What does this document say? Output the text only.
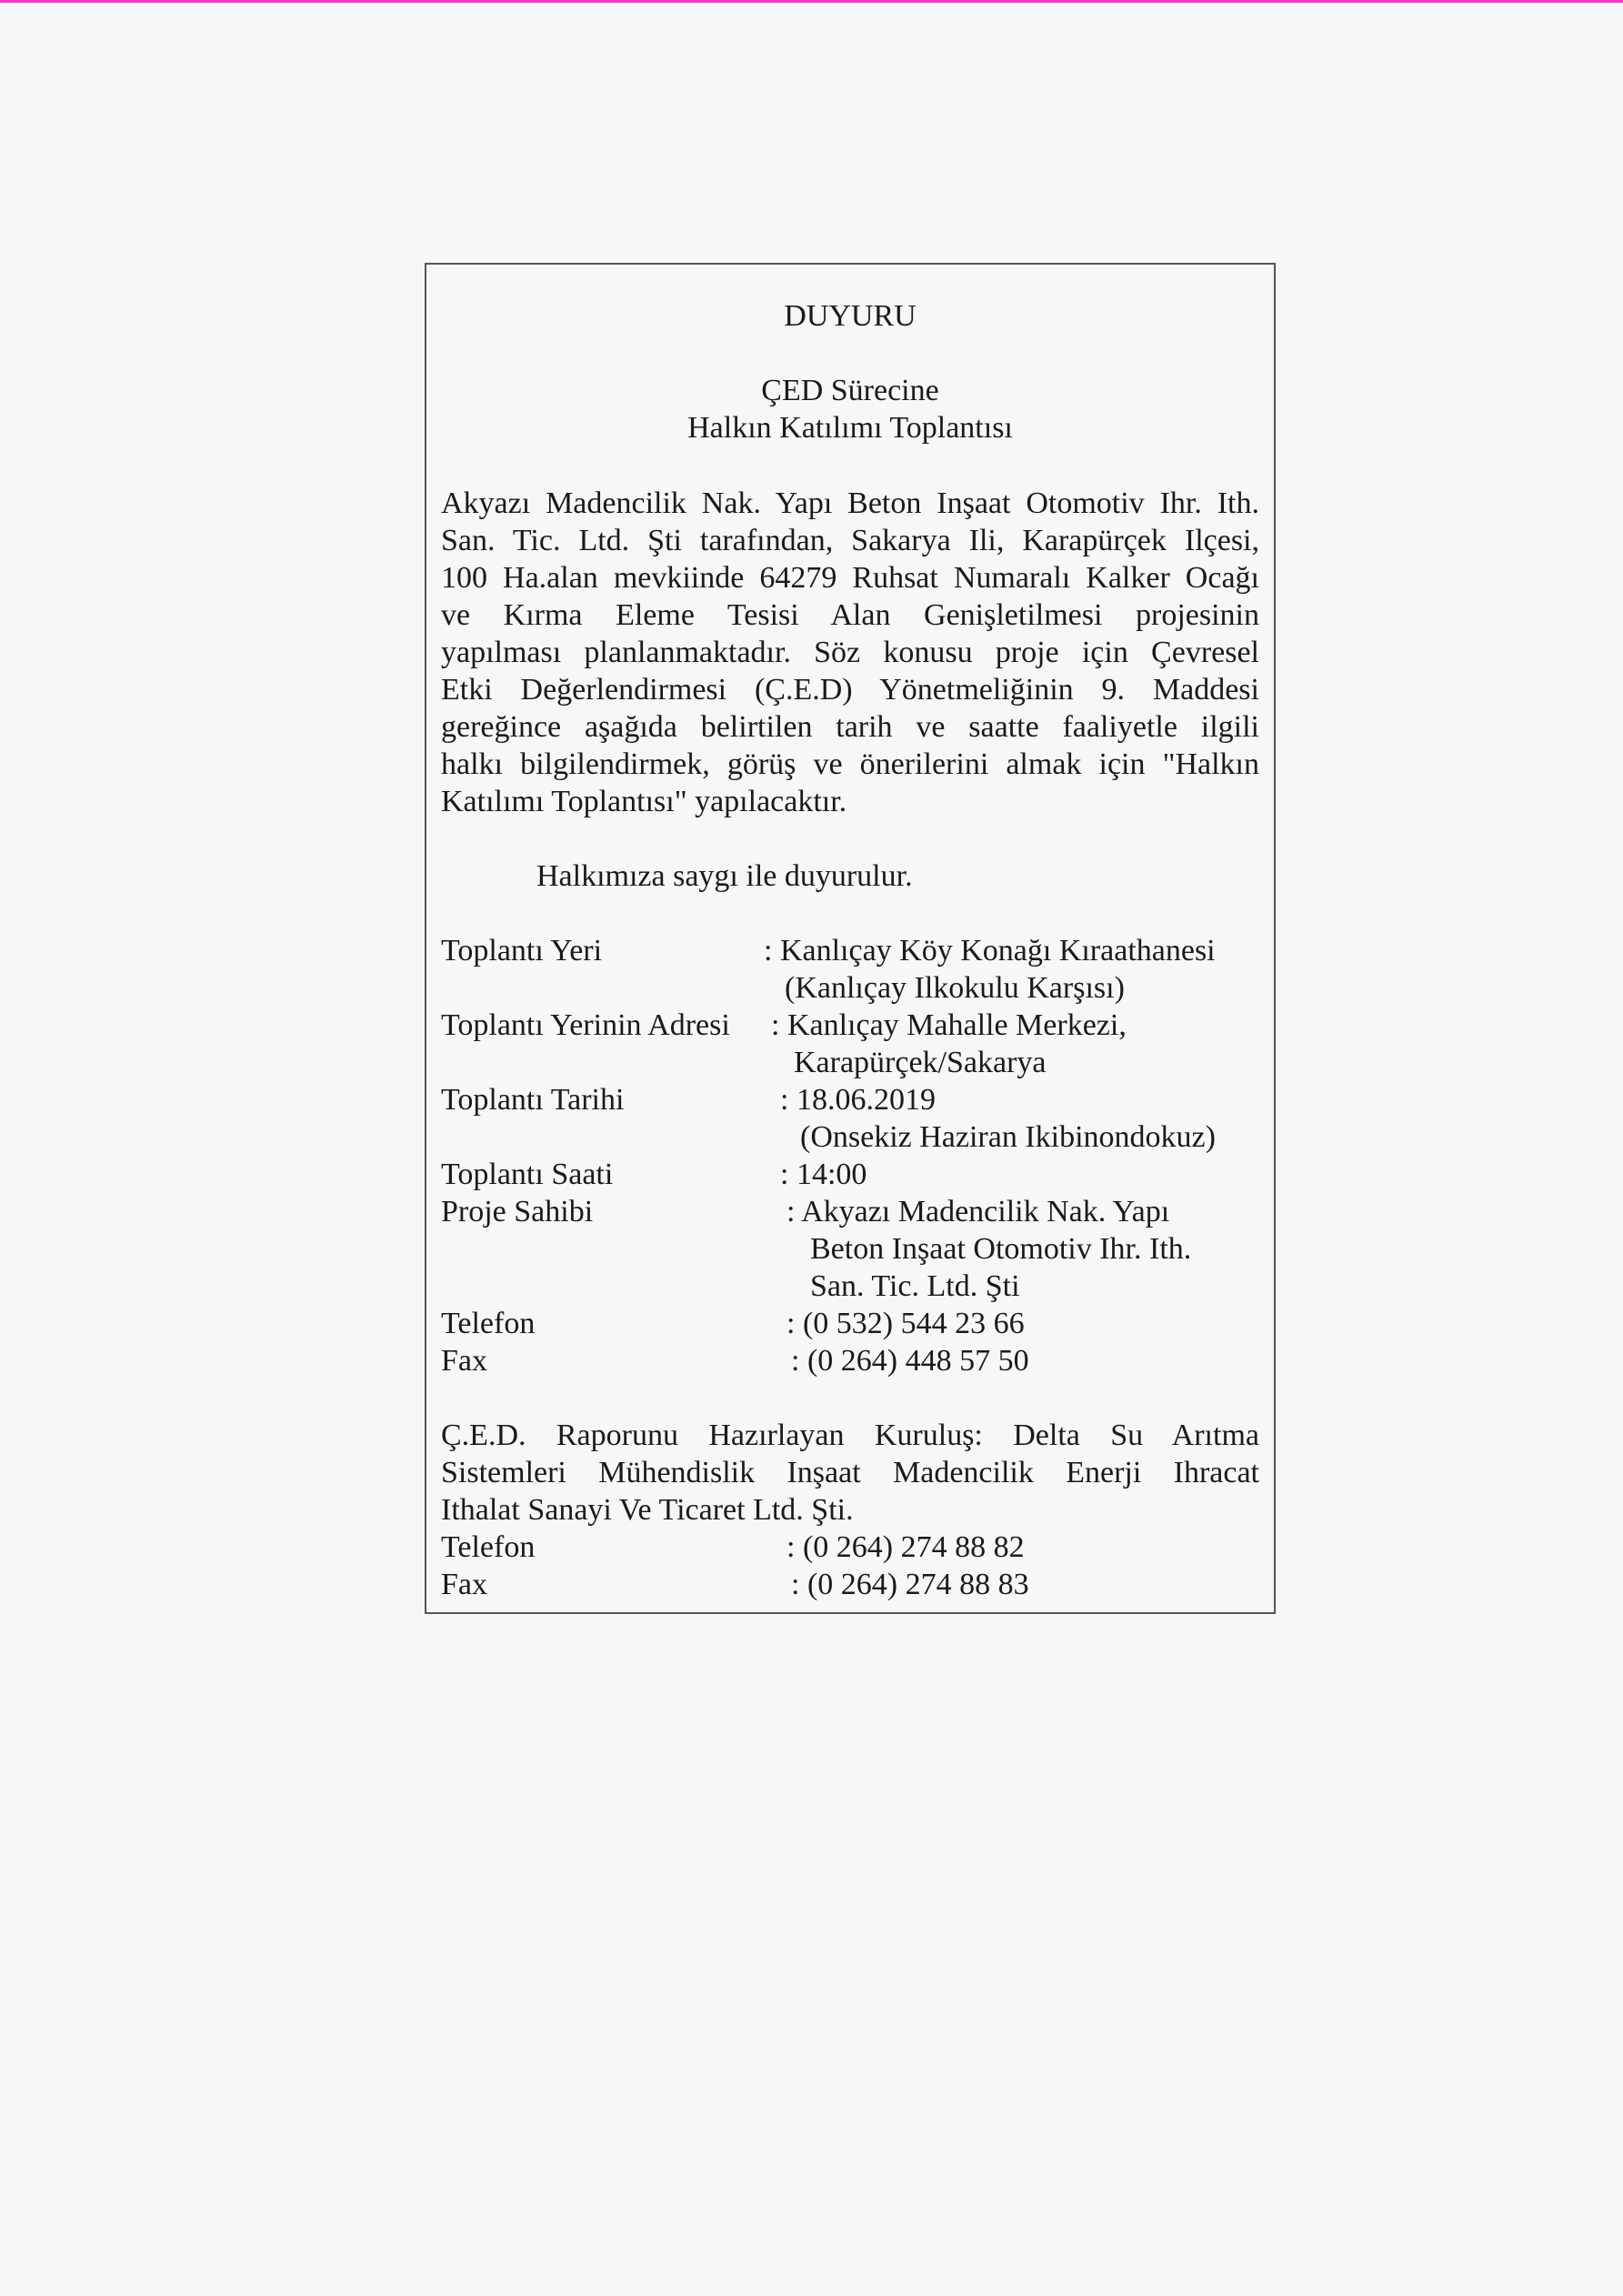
DUYURU
ÇED Sürecine
Halkın Katılımı Toplantısı
Akyazı Madencilik Nak. Yapı Beton Inşaat Otomotiv Ihr. Ith.
San. Tic. Ltd. Şti tarafından, Sakarya Ili, Karapürçek Ilçesi,
100 Ha.alan mevkiinde 64279 Ruhsat Numaralı Kalker Ocağı
ve Kırma Eleme Tesisi Alan Genişletilmesi projesinin
yapılması planlanmaktadır. Söz konusu proje için Çevresel
Etki Değerlendirmesi (Ç.E.D) Yönetmeliğinin 9. Maddesi
gereğince aşağıda belirtilen tarih ve saatte faaliyetle ilgili
halkı bilgilendirmek, görüş ve önerilerini almak için "Halkın
Katılımı Toplantısı" yapılacaktır.
Halkımıza saygı ile duyurulur.
Toplantı Yeri	: Kanlıçay Köy Konağı Kıraathanesi
(Kanlıçay Ilkokulu Karşısı)
Toplantı Yerinin Adresi : Kanlıçay Mahalle Merkezi,
Karapürçek/Sakarya
Toplantı Tarihi	: 18.06.2019
(Onsekiz Haziran Ikibinondokuz)
Toplantı Saati	: 14:00
Proje Sahibi	: Akyazı Madencilik Nak. Yapı
Beton Inşaat Otomotiv Ihr. Ith.
San. Tic. Ltd. Şti
Telefon	: (0 532) 544 23 66
Fax	: (0 264) 448 57 50
Ç.E.D. Raporunu Hazırlayan Kuruluş: Delta Su Arıtma
Sistemleri Mühendislik Inşaat Madencilik Enerji Ihracat
Ithalat Sanayi Ve Ticaret Ltd. Şti.
Telefon	: (0 264) 274 88 82
Fax	: (0 264) 274 88 83
